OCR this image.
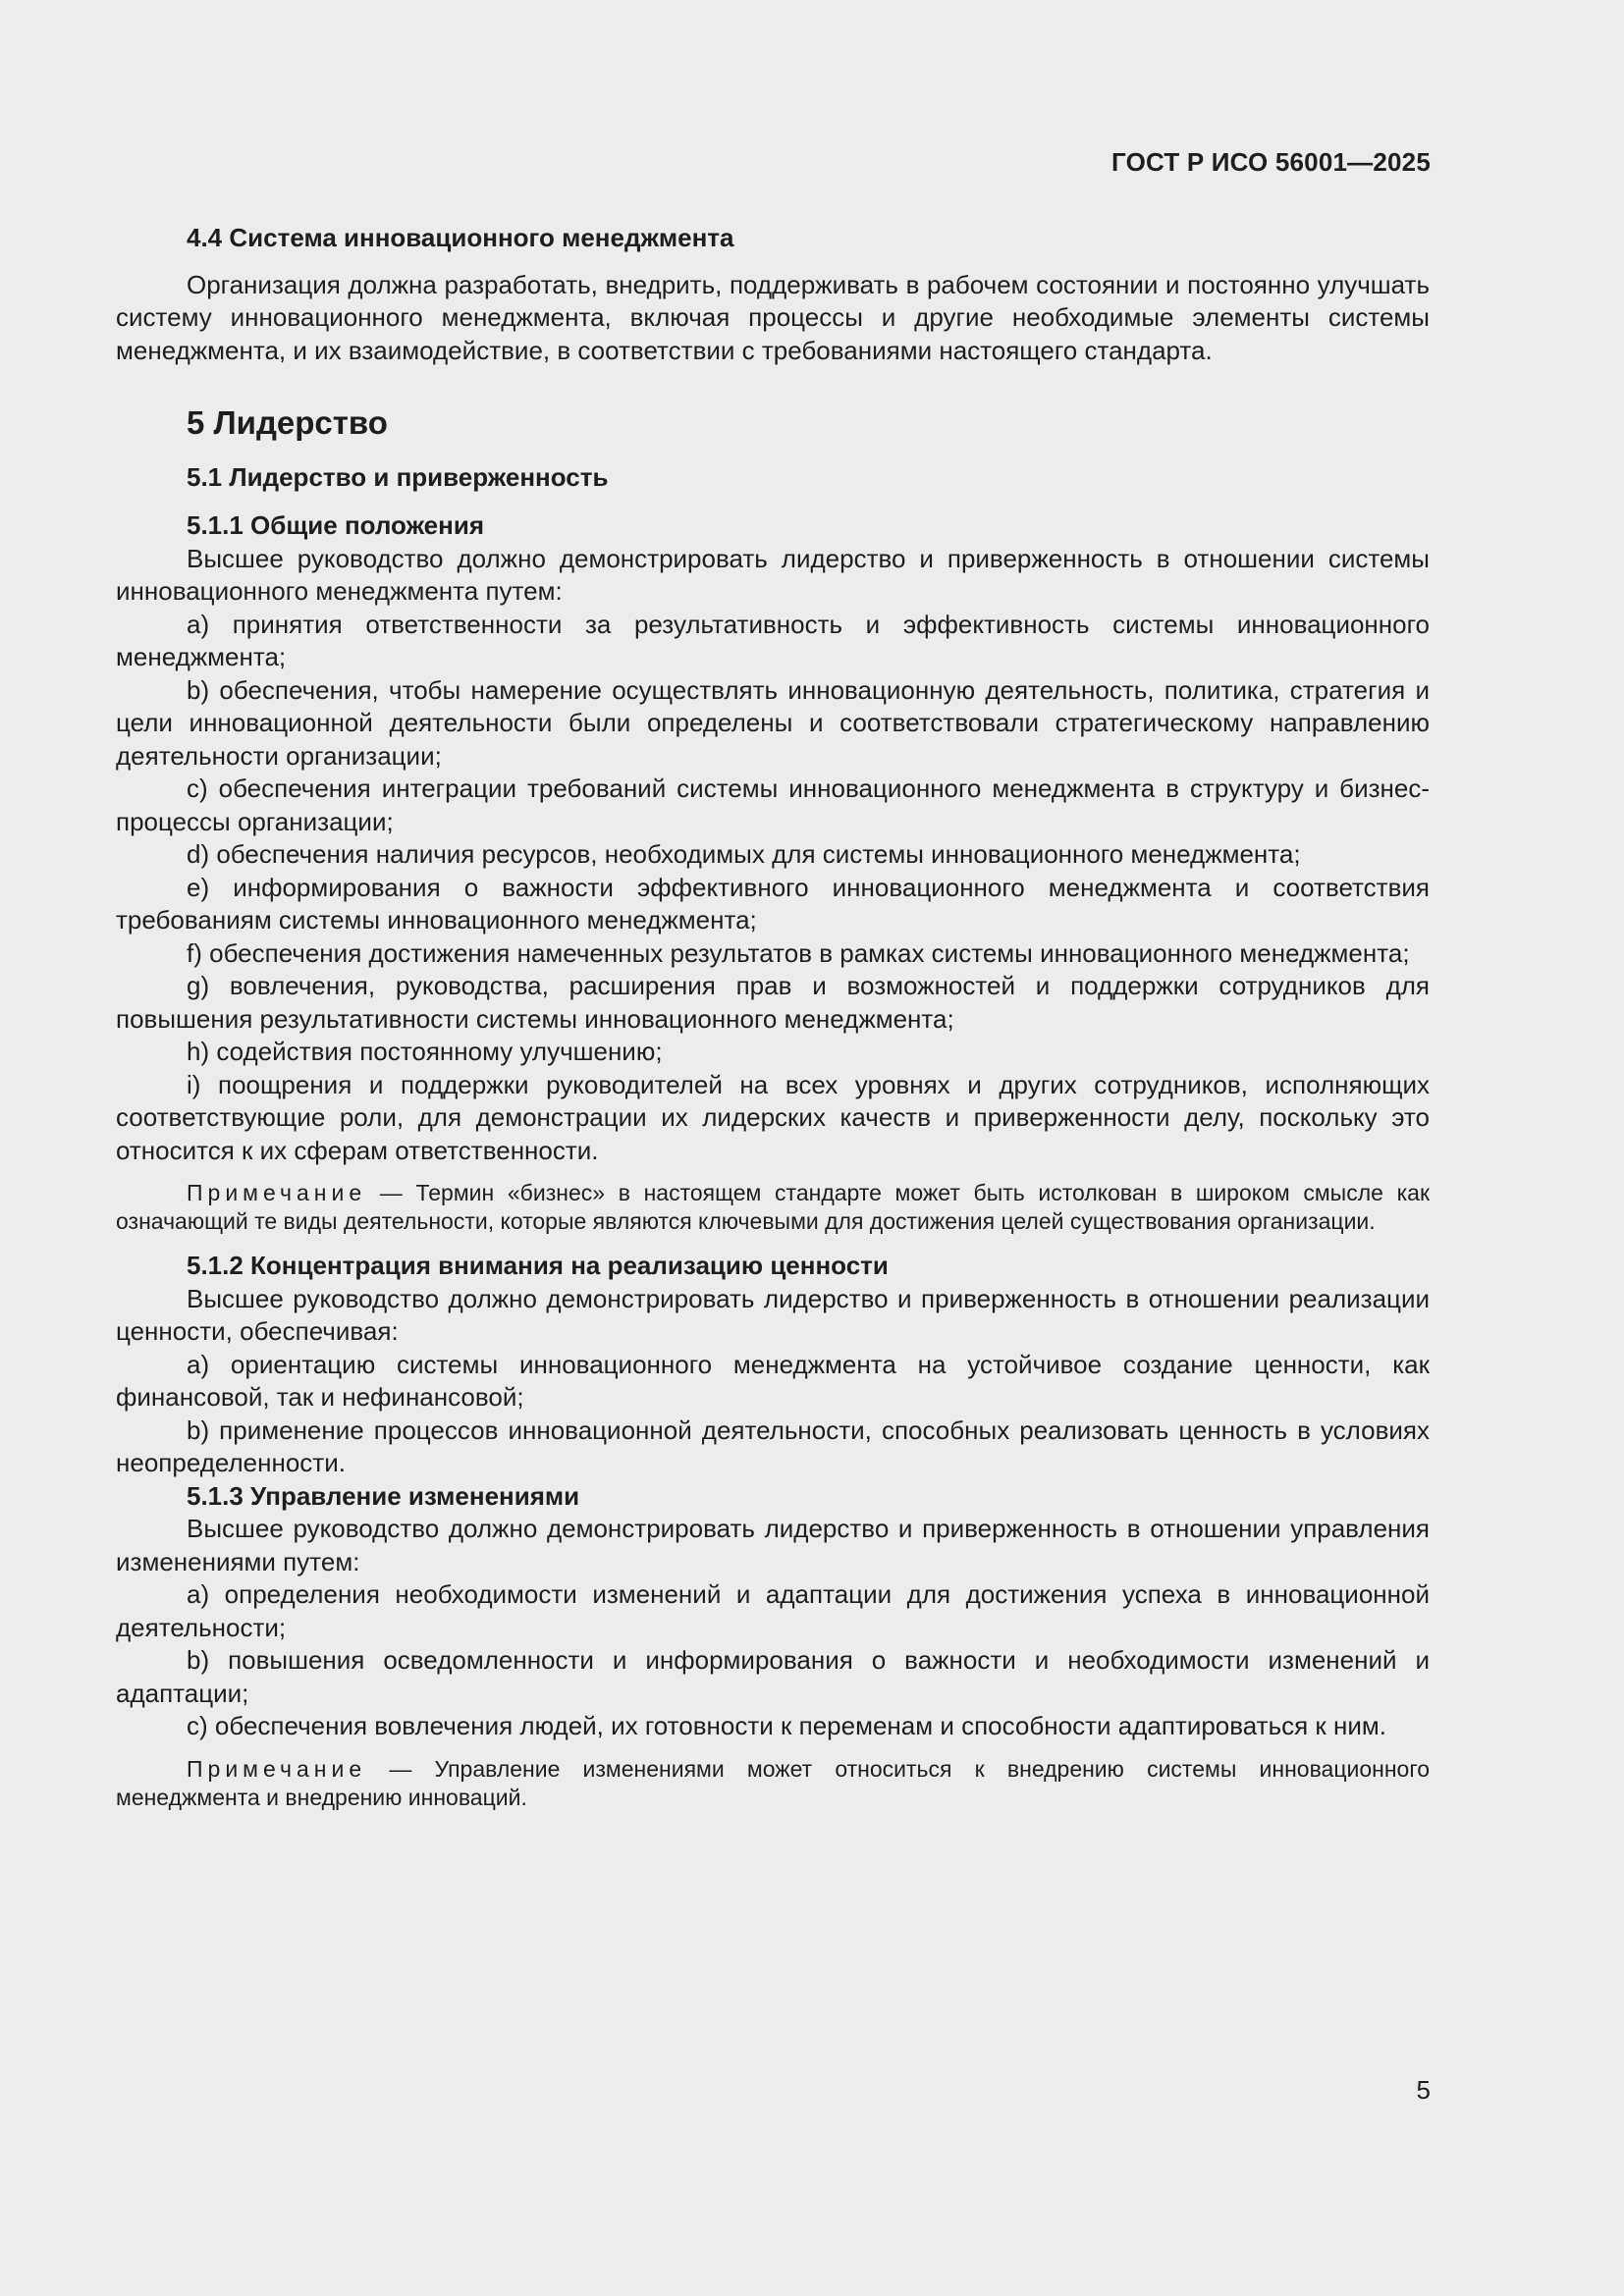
ГОСТ Р ИСО 56001—2025
4.4 Система инновационного менеджмента

Организация должна разработать, внедрить, поддерживать в рабочем состоянии и постоянно улучшать систему инновационного менеджмента, включая процессы и другие необходимые элементы системы менеджмента, и их взаимодействие, в соответствии с требованиями настоящего стандарта.

5 Лидерство
5.1 Лидерство и приверженность
5.1.1 Общие положения

Высшее руководство должно демонстрировать лидерство и приверженность в отношении системы инновационного менеджмента путем:

а) принятия ответственности за результативность и эффективность системы инновационного менеджмента;

b) обеспечения, чтобы намерение осуществлять инновационную деятельность, политика, стратегия и цели инновационной деятельности были определены и соответствовали стратегическому направлению деятельности организации;

c) обеспечения интеграции требований системы инновационного менеджмента в структуру и бизнес-процессы организации;

d) обеспечения наличия ресурсов, необходимых для системы инновационного менеджмента;

e) информирования о важности эффективного инновационного менеджмента и соответствия требованиям системы инновационного менеджмента;

f) обеспечения достижения намеченных результатов в рамках системы инновационного менеджмента;

g) вовлечения, руководства, расширения прав и возможностей и поддержки сотрудников для повышения результативности системы инновационного менеджмента;

h) содействия постоянному улучшению;

i) поощрения и поддержки руководителей на всех уровнях и других сотрудников, исполняющих соответствующие роли, для демонстрации их лидерских качеств и приверженности делу, поскольку это относится к их сферам ответственности.

Примечание — Термин «бизнес» в настоящем стандарте может быть истолкован в широком смысле как означающий те виды деятельности, которые являются ключевыми для достижения целей существования организации.
5.1.2 Концентрация внимания на реализацию ценности

Высшее руководство должно демонстрировать лидерство и приверженность в отношении реализации ценности, обеспечивая:

а) ориентацию системы инновационного менеджмента на устойчивое создание ценности, как финансовой, так и нефинансовой;

b) применение процессов инновационной деятельности, способных реализовать ценность в условиях неопределенности.

5.1.3 Управление изменениями

Высшее руководство должно демонстрировать лидерство и приверженность в отношении управления изменениями путем:

а) определения необходимости изменений и адаптации для достижения успеха в инновационной деятельности;

b) повышения осведомленности и информирования о важности и необходимости изменений и адаптации;

c) обеспечения вовлечения людей, их готовности к переменам и способности адаптироваться к ним.

Примечание — Управление изменениями может относиться к внедрению системы инновационного менеджмента и внедрению инноваций.
5
